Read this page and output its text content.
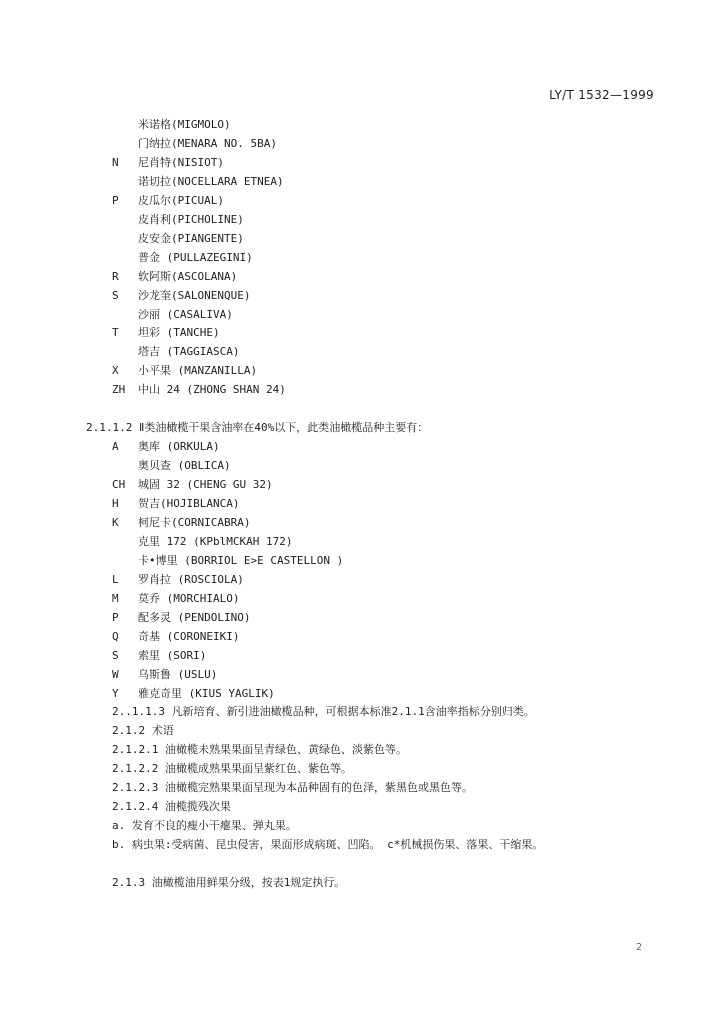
LY/T 1532—1999
米诺格(MIGMOLO)
门纳拉(MENARA NO. 5BA)
N 尼肖特(NISIOT)
诺切拉(NOCELLARA ETNEA)
P 皮瓜尔(PICUAL)
皮肖利(PICHOLINE)
皮安金(PIANGENTE)
普金 (PULLAZEGINI)
R 软阿斯(ASCOLANA)
S 沙龙奎(SALONENQUE)
沙丽 (CASALIVA)
T 坦彩 (TANCHE)
塔吉 (TAGGIASCA)
X 小平果 (MANZANILLA)
ZH 中山 24 (ZHONG SHAN 24)
2.1.1.2 Ⅱ类油橄榄干果含油率在40%以下，此类油橄榄品种主要有：
A 奥库 (ORKULA)
奥贝查 (OBLICA)
CH 城固 32 (CHENG GU 32)
H 贺吉(HOJIBLANCA)
K 柯尼卡(CORNICABRA)
克里 172 (KPblMCKAH 172)
卡•博里 (BORRIOL E>E CASTELLON )
L 罗肖拉 (ROSCIOLA)
M 莫乔 (MORCHIALO)
P 配多灵 (PENDOLINO)
Q 奇基 (CORONEIKI)
S 索里 (SORI)
W 乌斯鲁 (USLU)
Y 雅克奇里 (KIUS YAGLIK)
2..1.1.3 凡新培育、新引进油橄榄品种，可根据本标准2.1.1含油率指标分别归类。
2.1.2 术语
2.1.2.1 油橄榄未熟果果面呈青绿色、黄绿色、淡紫色等。
2.1.2.2 油橄榄成熟果果面呈紫红色、紫色等。
2.1.2.3 油橄榄完熟果果面呈现为本品种固有的色泽，紫黑色或黑色等。
2.1.2.4 油榄揽残次果
a. 发育不良的瘦小干瘪果、弹丸果。
b. 病虫果:受病菌、昆虫侵害，果面形成病斑、凹陷。 c*机械损伤果、落果、干缩果。
2.1.3 油橄榄油用鲜果分级，按表1规定执行。
2
